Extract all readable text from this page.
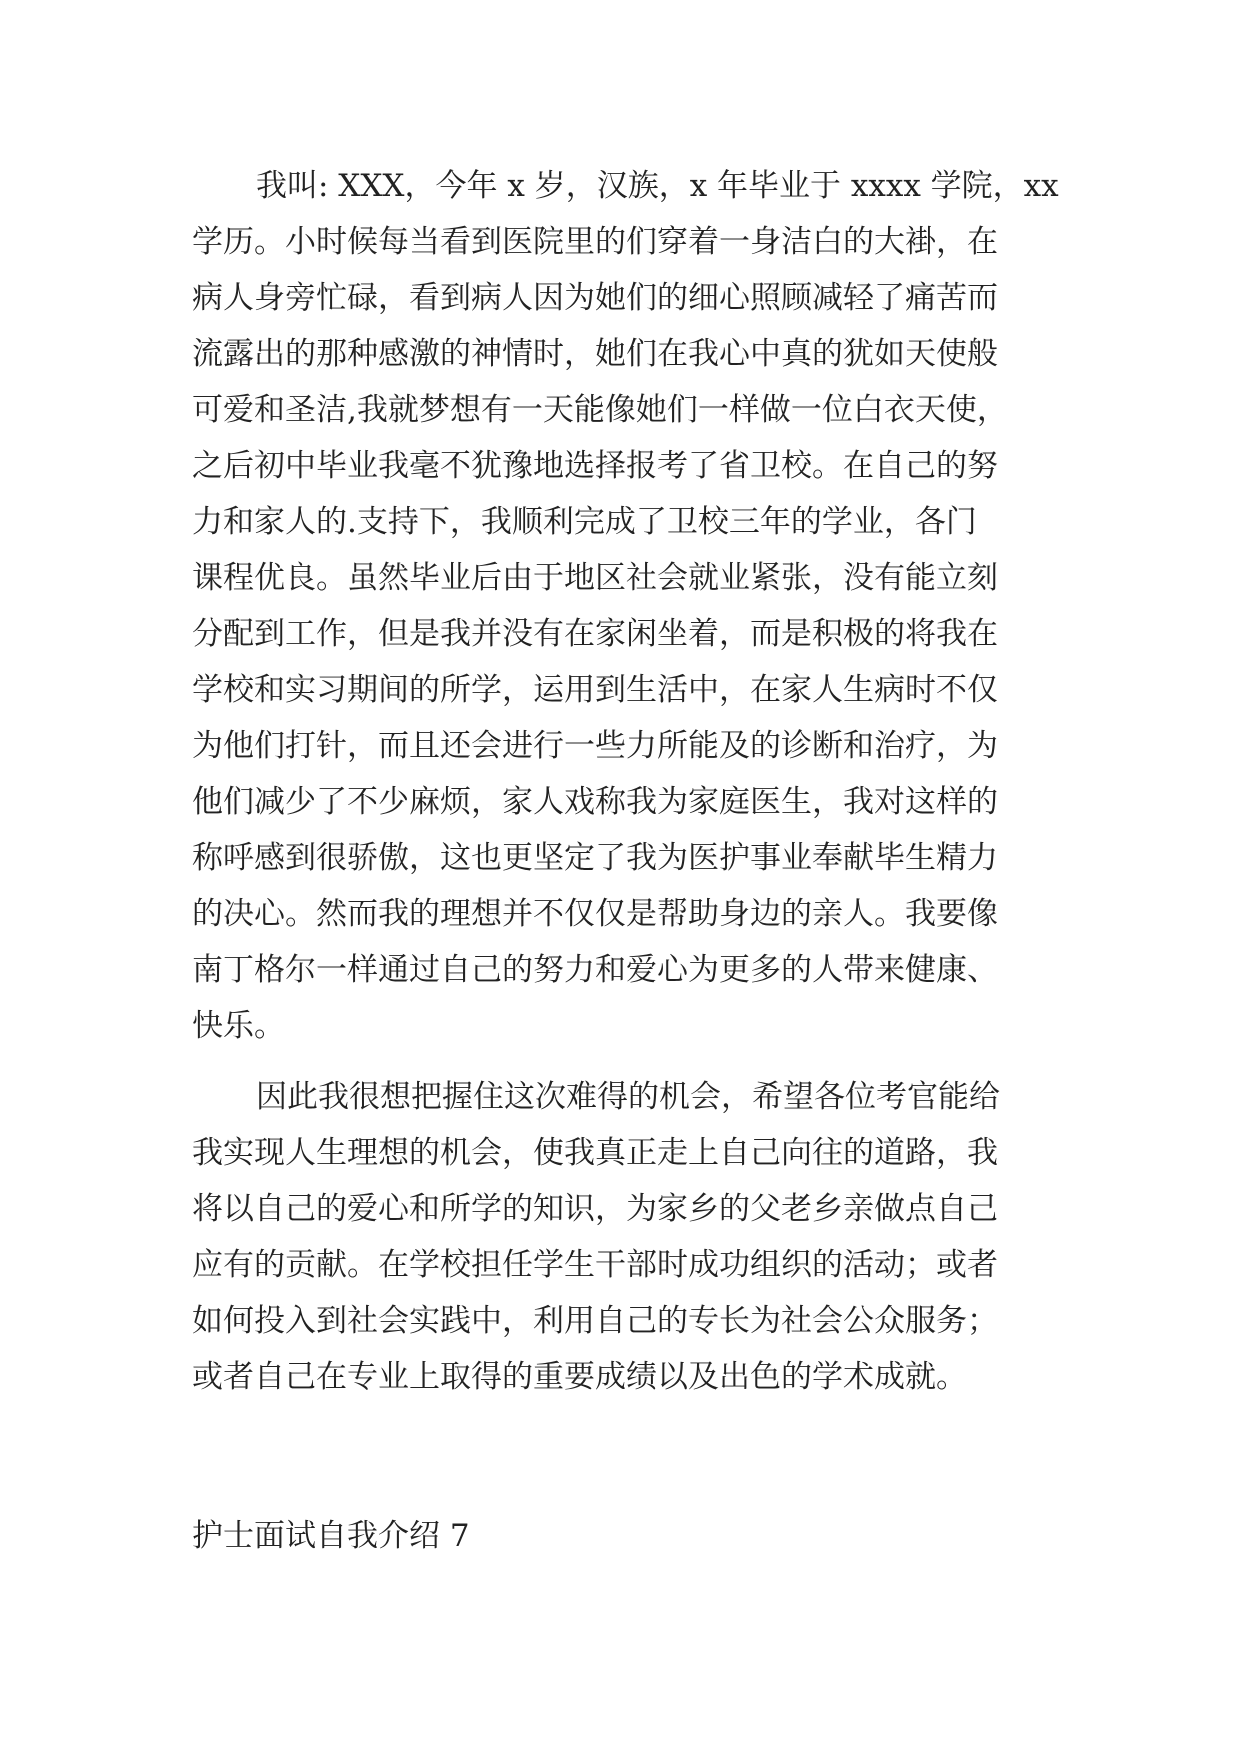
我叫: XXX，今年 x 岁，汉族，x 年毕业于 xxxx 学院，xx
学历。小时候每当看到医院里的们穿着一身洁白的大褂，在
病人身旁忙碌，看到病人因为她们的细心照顾减轻了痛苦而
流露出的那种感激的神情时，她们在我心中真的犹如天使般
可爱和圣洁,我就梦想有一天能像她们一样做一位白衣天使，
之后初中毕业我毫不犹豫地选择报考了省卫校。在自己的努
力和家人的.支持下，我顺利完成了卫校三年的学业，各门
课程优良。虽然毕业后由于地区社会就业紧张，没有能立刻
分配到工作，但是我并没有在家闲坐着，而是积极的将我在
学校和实习期间的所学，运用到生活中，在家人生病时不仅
为他们打针，而且还会进行一些力所能及的诊断和治疗，为
他们减少了不少麻烦，家人戏称我为家庭医生，我对这样的
称呼感到很骄傲，这也更坚定了我为医护事业奉献毕生精力
的决心。然而我的理想并不仅仅是帮助身边的亲人。我要像
南丁格尔一样通过自己的努力和爱心为更多的人带来健康、
快乐。
因此我很想把握住这次难得的机会，希望各位考官能给
我实现人生理想的机会，使我真正走上自己向往的道路，我
将以自己的爱心和所学的知识，为家乡的父老乡亲做点自己
应有的贡献。在学校担任学生干部时成功组织的活动；或者
如何投入到社会实践中，利用自己的专长为社会公众服务；
或者自己在专业上取得的重要成绩以及出色的学术成就。
护士面试自我介绍 7
